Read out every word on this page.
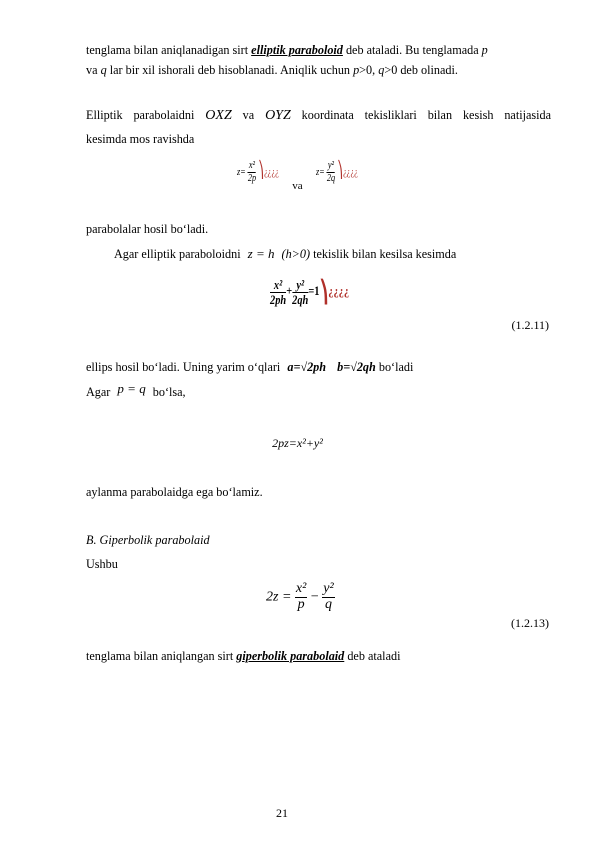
tenglama bilan aniqlanadigan sirt elliptik paraboloid deb ataladi. Bu tenglamada p
va q lar bir xil ishorali deb hisoblanadi. Aniqlik uchun p>0, q>0 deb olinadi.
Elliptik parabolaidni OXZ va OYZ koordinata tekisliklari bilan kesish natijasida
kesimda mos ravishda
$z= \frac{\text{x²}}{2p}$ ⎞¿¿¿¿ va $z= \frac{\text{y²}}{2q}$ ⎞¿¿¿¿
parabolalar hosil bo‘ladi.
Agar elliptik paraboloidni z = h (h>0) tekislik bilan kesilsa kesimda
$\frac{\text{x²}}{2ph} + \frac{\text{y²}}{2qh}$ =1⎞¿¿¿¿
(1.2.11)
ellips hosil bo‘ladi. Uning yarim o‘qlari a=√2ph b=√2qh bo‘ladi
Agar p = q bo‘lsa,
2pz=x²+y²
aylanma parabolaidga ega bo‘lamiz.
B. Giperbolik parabolaid
Ushbu
$2z = \frac{\text{x²}}{p} - \frac{\text{y²}}{q}$
(1.2.13)
tenglama bilan aniqlangan sirt giperbolik parabolaid deb ataladi
21
